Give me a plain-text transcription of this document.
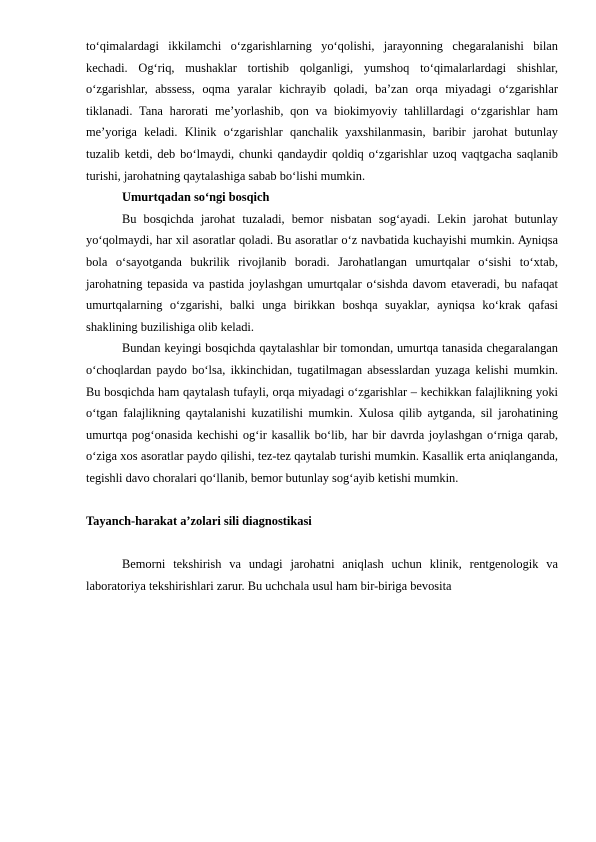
to‘qimalardagi ikkilamchi o‘zgarishlarning yo‘qolishi, jarayonning chegaralanishi bilan kechadi. Og‘riq, mushaklar tortishib qolganligi, yumshoq to‘qimalarlardagi shishlar, o‘zgarishlar, abssess, oqma yaralar kichrayib qoladi, ba’zan orqa miyadagi o‘zgarishlar tiklanadi. Tana harorati me’yorlashib, qon va biokimyoviy tahlillardagi o‘zgarishlar ham me’yoriga keladi. Klinik o‘zgarishlar qanchalik yaxshilanmasin, baribir jarohat butunlay tuzalib ketdi, deb bo‘lmaydi, chunki qandaydir qoldiq o‘zgarishlar uzoq vaqtgacha saqlanib turishi, jarohatning qaytalashiga sabab bo‘lishi mumkin.

Umurtqadan so‘ngi bosqich

Bu bosqichda jarohat tuzaladi, bemor nisbatan sog‘ayadi. Lekin jarohat butunlay yo‘qolmaydi, har xil asoratlar qoladi. Bu asoratlar o‘z navbatida kuchayishi mumkin. Ayniqsa bola o‘sayotganda bukrilik rivojlanib boradi. Jarohatlangan umurtqalar o‘sishi to‘xtab, jarohatning tepasida va pastida joylashgan umurtqalar o‘sishda davom etaveradi, bu nafaqat umurtqalarning o‘zgarishi, balki unga birikkan boshqa suyaklar, ayniqsa ko‘krak qafasi shaklining buzilishiga olib keladi.

Bundan keyingi bosqichda qaytalashlar bir tomondan, umurtqa tanasida chegaralangan o‘choqlardan paydo bo‘lsa, ikkinchidan, tugatilmagan absesslardan yuzaga kelishi mumkin. Bu bosqichda ham qaytalash tufayli, orqa miyadagi o‘zgarishlar – kechikkan falajlikning yoki o‘tgan falajlikning qaytalanishi kuzatilishi mumkin. Xulosa qilib aytganda, sil jarohatining umurtqa pog‘onasida kechishi og‘ir kasallik bo‘lib, har bir davrda joylashgan o‘rniga qarab, o‘ziga xos asoratlar paydo qilishi, tez-tez qaytalab turishi mumkin. Kasallik erta aniqlanganda, tegishli davo choralari qo‘llanib, bemor butunlay sog‘ayib ketishi mumkin.

Tayanch-harakat a’zolari sili diagnostikasi

Bemorni tekshirish va undagi jarohatni aniqlash uchun klinik, rentgenologik va laboratoriya tekshirishlari zarur. Bu uchchala usul ham bir-biriga bevosita
